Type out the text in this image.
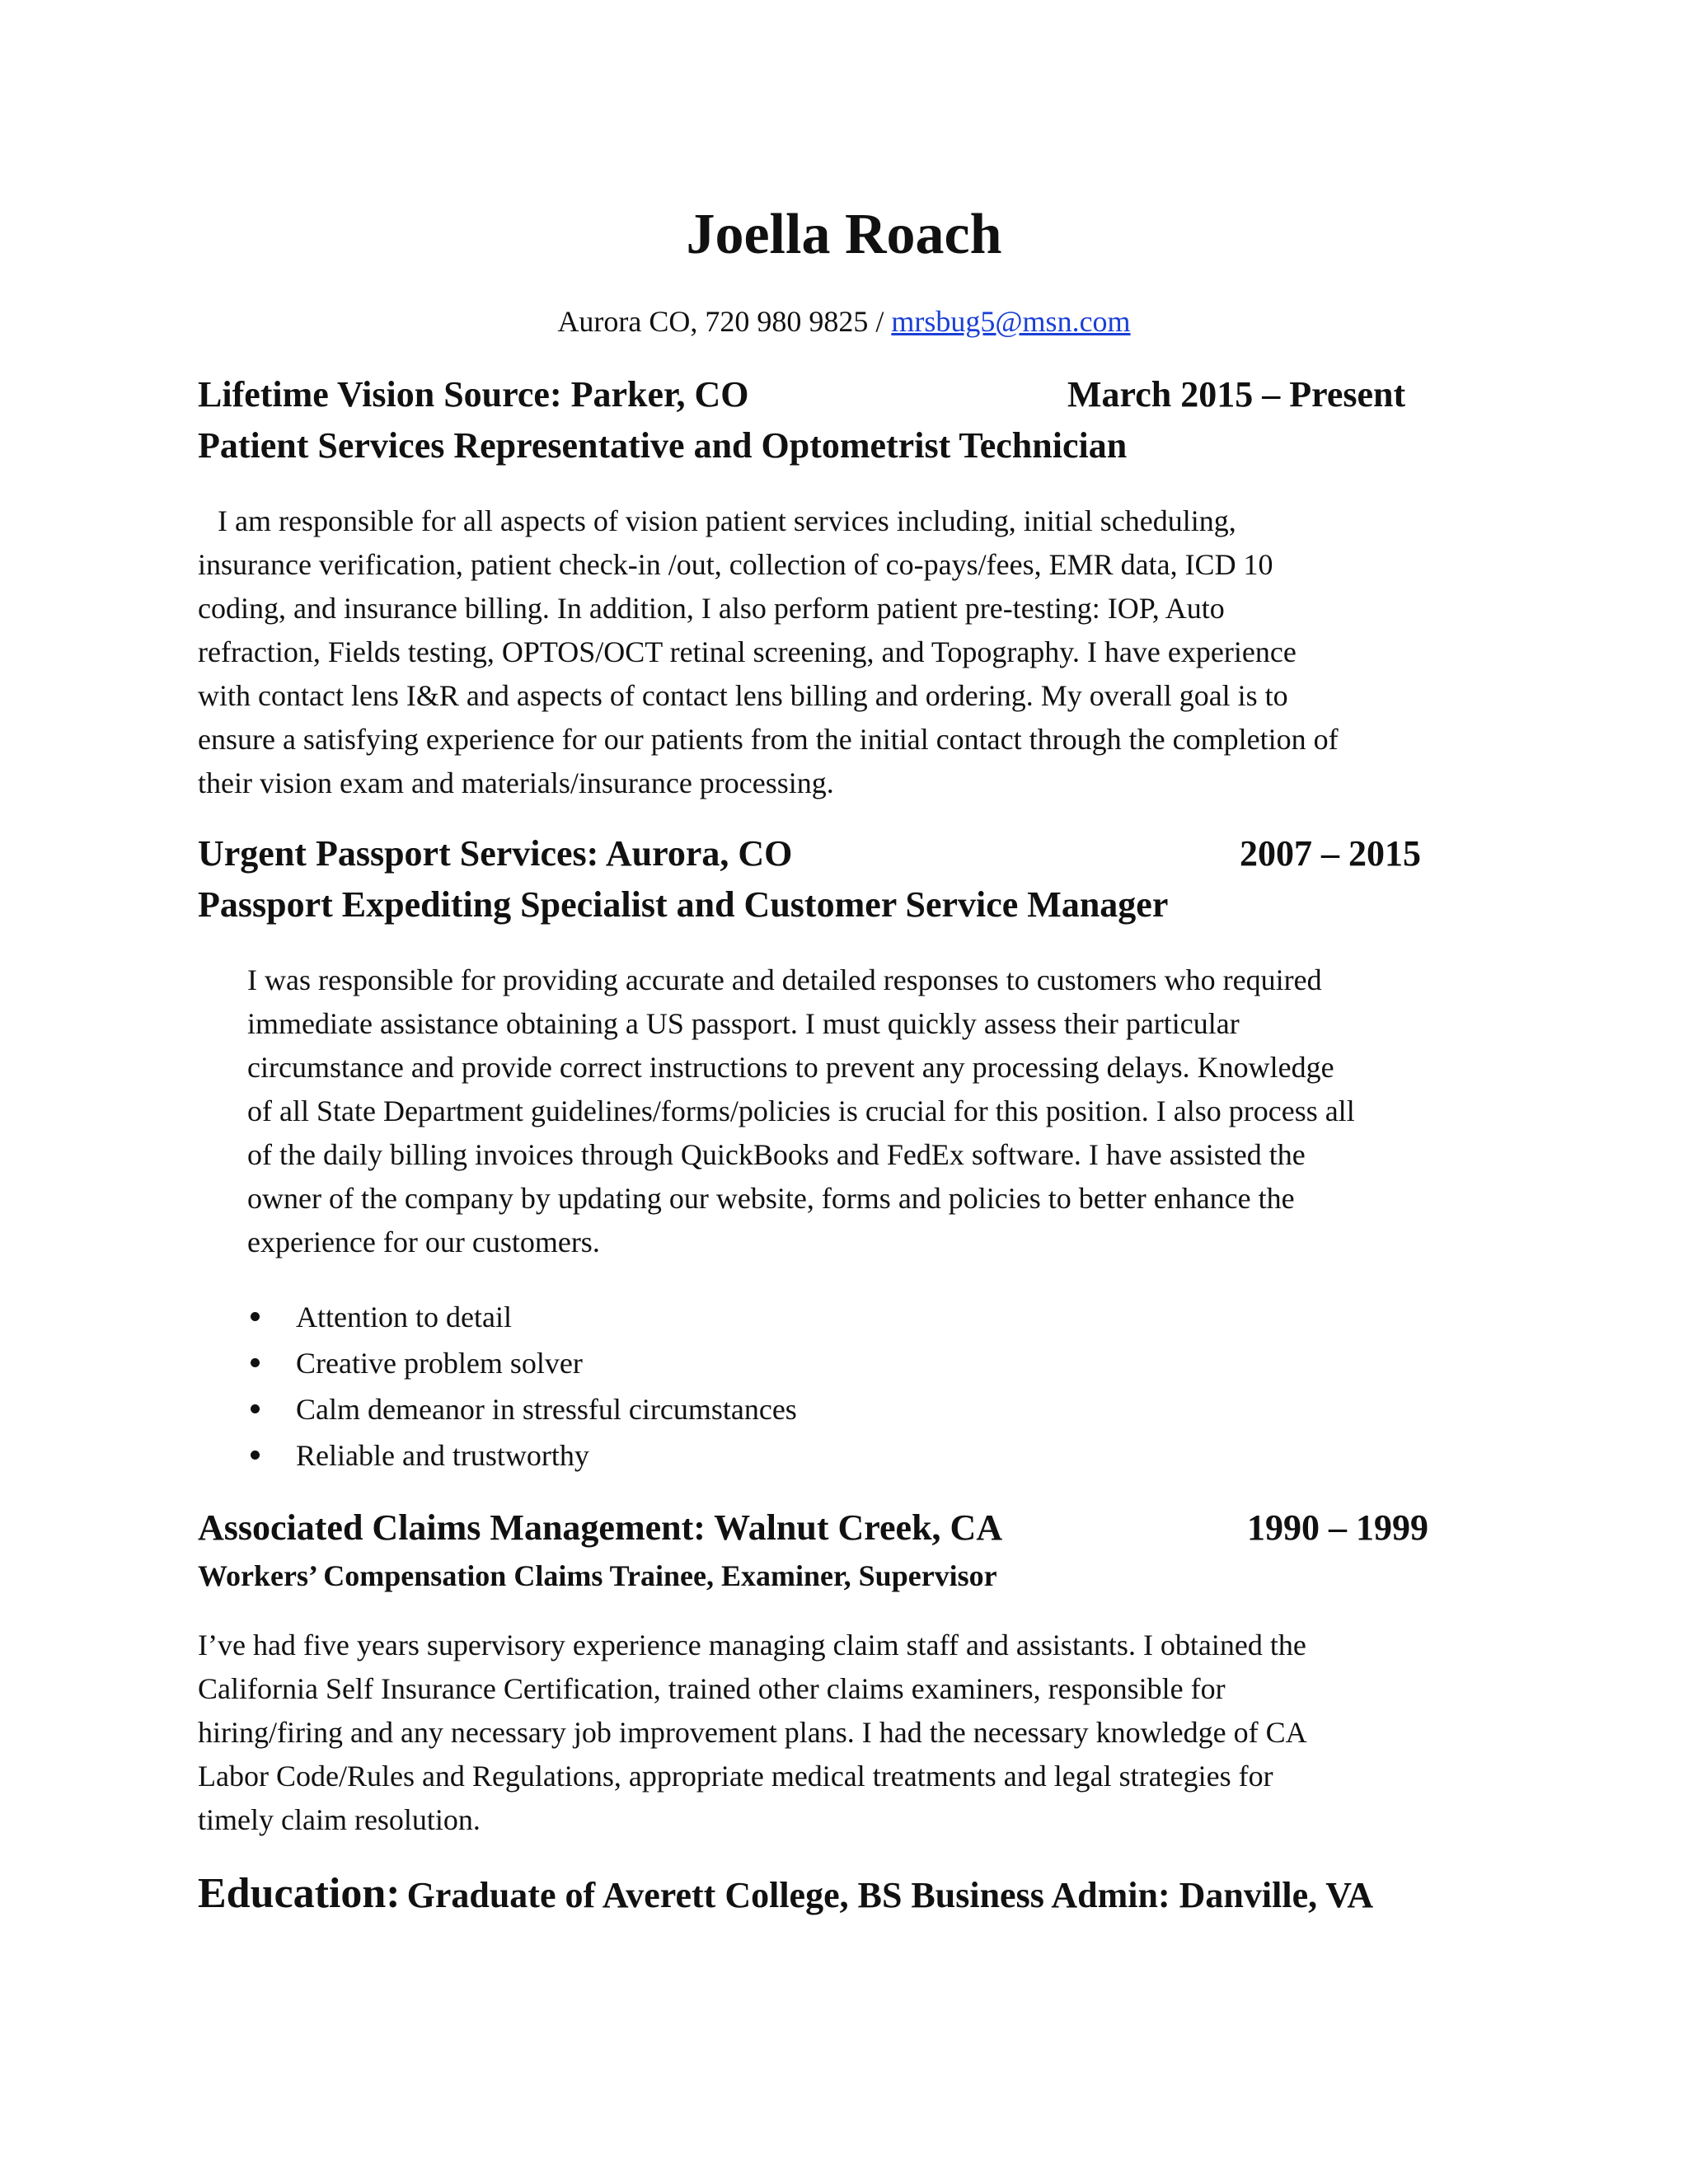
Joella Roach
Aurora CO, 720 980 9825 / mrsbug5@msn.com
Lifetime Vision Source: Parker, CO	March 2015 – Present
Patient Services Representative and Optometrist Technician
I am responsible for all aspects of vision patient services including, initial scheduling,
insurance verification, patient check-in /out, collection of co-pays/fees, EMR data, ICD 10
coding, and insurance billing. In addition, I also perform patient pre-testing: IOP, Auto
refraction, Fields testing, OPTOS/OCT retinal screening, and Topography. I have experience
with contact lens I&R and aspects of contact lens billing and ordering. My overall goal is to
ensure a satisfying experience for our patients from the initial contact through the completion of
their vision exam and materials/insurance processing.
Urgent Passport Services: Aurora, CO	2007 – 2015
Passport Expediting Specialist and Customer Service Manager
I was responsible for providing accurate and detailed responses to customers who required
immediate assistance obtaining a US passport. I must quickly assess their particular
circumstance and provide correct instructions to prevent any processing delays. Knowledge
of all State Department guidelines/forms/policies is crucial for this position. I also process all
of the daily billing invoices through QuickBooks and FedEx software. I have assisted the
owner of the company by updating our website, forms and policies to better enhance the
experience for our customers.
Attention to detail
Creative problem solver
Calm demeanor in stressful circumstances
Reliable and trustworthy
Associated Claims Management: Walnut Creek, CA	1990 – 1999
Workers’ Compensation Claims Trainee, Examiner, Supervisor
I’ve had five years supervisory experience managing claim staff and assistants. I obtained the
California Self Insurance Certification, trained other claims examiners, responsible for
hiring/firing and any necessary job improvement plans. I had the necessary knowledge of CA
Labor Code/Rules and Regulations, appropriate medical treatments and legal strategies for
timely claim resolution.
Education: Graduate of Averett College, BS Business Admin: Danville, VA
